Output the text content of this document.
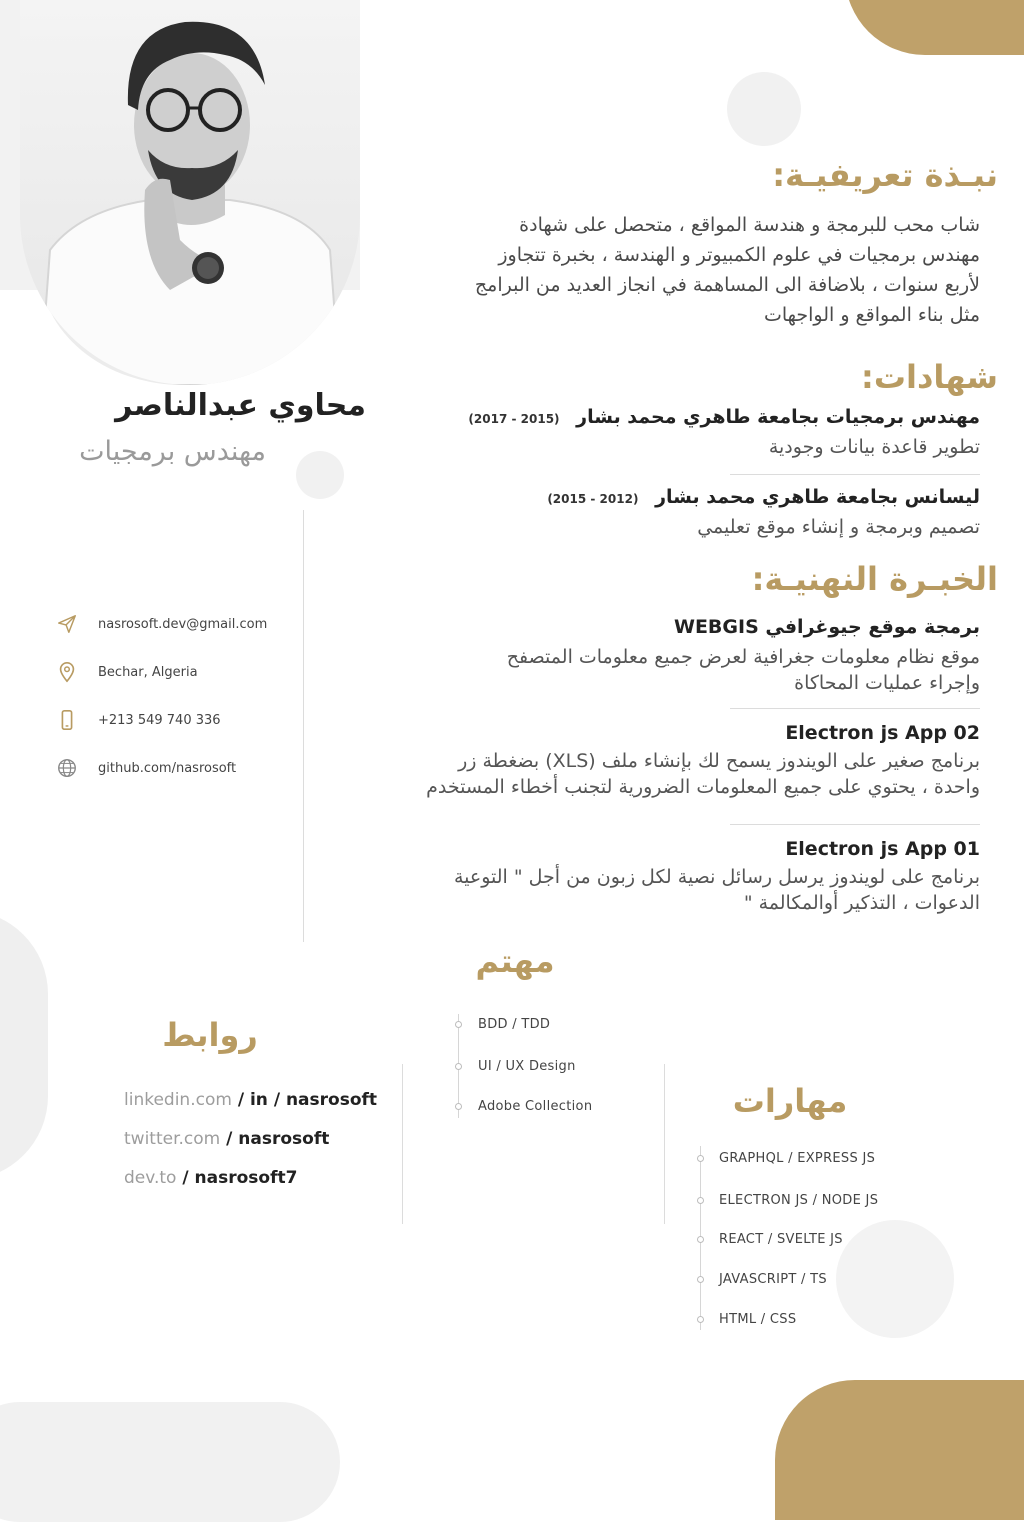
محاوي عبدالناصر
مهندس برمجيات
nasrosoft.dev@gmail.com
Bechar, Algeria
+213 549 740 336
github.com/nasrosoft
نبـذة تعريفيـة:
شاب محب للبرمجة و هندسة المواقع ، متحصل على شهادة
مهندس برمجيات في علوم الكمبيوتر و الهندسة ، بخبرة تتجاوز
لأربع سنوات ، بلاضافة الى المساهمة في انجاز العديد من البرامج
مثل بناء المواقع و الواجهات
شهادات:
مهندس برمجيات بجامعة طاهري محمد بشار (2015 - 2017)
تطوير قاعدة بيانات وجودية
ليسانس بجامعة طاهري محمد بشار (2012 - 2015)
تصميم وبرمجة و إنشاء موقع تعليمي
الخبـرة النهنيـة:
برمجة موقع جيوغرافي WEBGIS
موقع نظام معلومات جغرافية لعرض جميع معلومات المتصفح
وإجراء عمليات المحاكاة
Electron js App 02
برنامج صغير على الويندوز يسمح لك بإنشاء ملف (XLS) بضغطة زر
واحدة ، يحتوي على جميع المعلومات الضرورية لتجنب أخطاء المستخدم
Electron js App 01
برنامج على لويندوز يرسل رسائل نصية لكل زبون من أجل " التوعية
الدعوات ، التذكير أوالمكالمة "
مهتم
BDD / TDD
UI / UX Design
Adobe Collection
روابط
linkedin.com / in / nasrosoft
twitter.com / nasrosoft
dev.to / nasrosoft7
مهارات
GRAPHQL / EXPRESS JS
ELECTRON JS / NODE JS
REACT / SVELTE JS
JAVASCRIPT / TS
HTML / CSS
